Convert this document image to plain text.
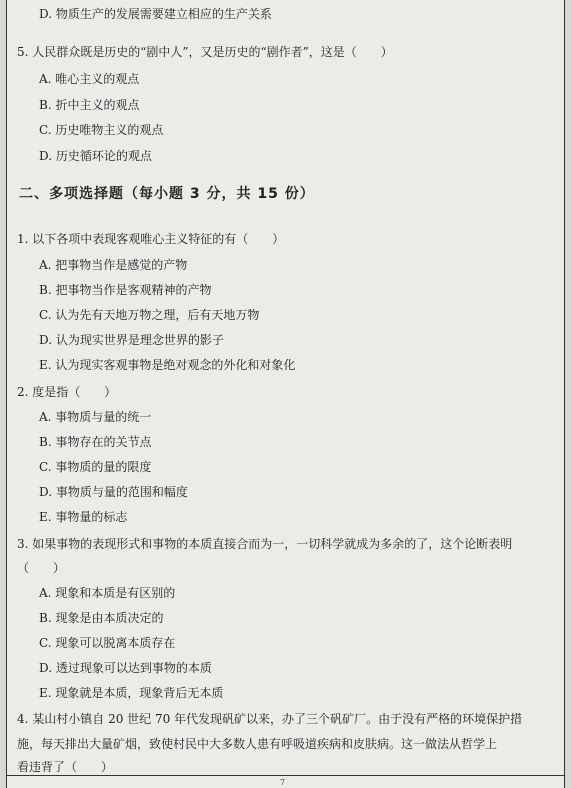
D. 物质生产的发展需要建立相应的生产关系
5. 人民群众既是历史的“剧中人”，又是历史的“剧作者”，这是（　　）
A. 唯心主义的观点
B. 折中主义的观点
C. 历史唯物主义的观点
D. 历史循环论的观点
二、多项选择题（每小题 3 分，共 15 份）
1. 以下各项中表现客观唯心主义特征的有（　　）
A. 把事物当作是感觉的产物
B. 把事物当作是客观精神的产物
C. 认为先有天地万物之理，后有天地万物
D. 认为现实世界是理念世界的影子
E. 认为现实客观事物是绝对观念的外化和对象化
2. 度是指（　　）
A. 事物质与量的统一
B. 事物存在的关节点
C. 事物质的量的限度
D. 事物质与量的范围和幅度
E. 事物量的标志
3. 如果事物的表现形式和事物的本质直接合而为一，一切科学就成为多余的了，这个论断表明
（　　）
A. 现象和本质是有区别的
B. 现象是由本质决定的
C. 现象可以脱离本质存在
D. 透过现象可以达到事物的本质
E. 现象就是本质，现象背后无本质
4. 某山村小镇自 20 世纪 70 年代发现矾矿以来，办了三个矾矿厂。由于没有严格的环境保护措
施，每天排出大量矿烟，致使村民中大多数人患有呼吸道疾病和皮肤病。这一做法从哲学上
看违背了（　　）
7
